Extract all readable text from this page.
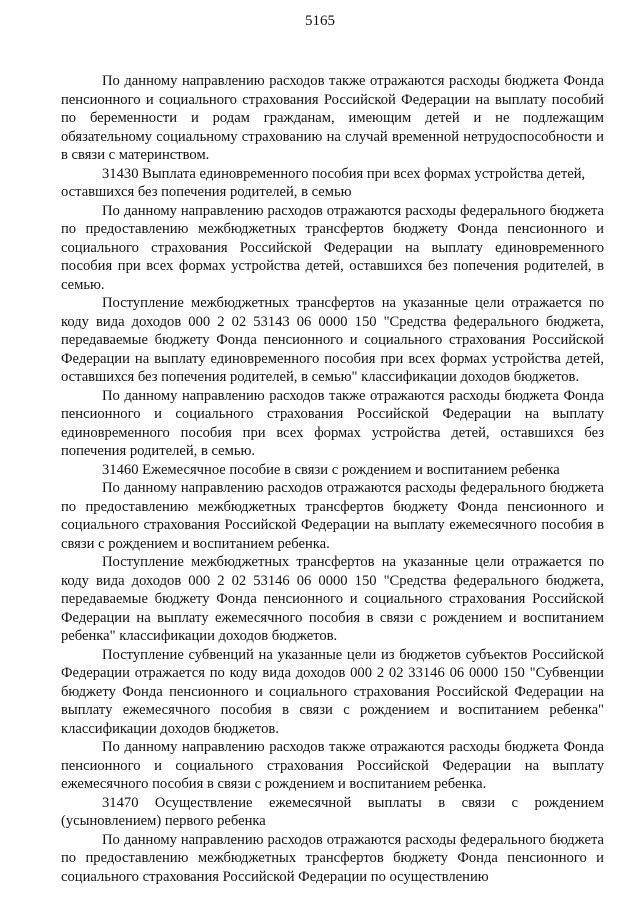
5165

По данному направлению расходов также отражаются расходы бюджета Фонда пенсионного и социального страхования Российской Федерации на выплату пособий по беременности и родам гражданам, имеющим детей и не подлежащим обязательному социальному страхованию на случай временной нетрудоспособности и в связи с материнством.

31430 Выплата единовременного пособия при всех формах устройства детей, оставшихся без попечения родителей, в семью

По данному направлению расходов отражаются расходы федерального бюджета по предоставлению межбюджетных трансфертов бюджету Фонда пенсионного и социального страхования Российской Федерации на выплату единовременного пособия при всех формах устройства детей, оставшихся без попечения родителей, в семью.

Поступление межбюджетных трансфертов на указанные цели отражается по коду вида доходов 000 2 02 53143 06 0000 150 "Средства федерального бюджета, передаваемые бюджету Фонда пенсионного и социального страхования Российской Федерации на выплату единовременного пособия при всех формах устройства детей, оставшихся без попечения родителей, в семью" классификации доходов бюджетов.

По данному направлению расходов также отражаются расходы бюджета Фонда пенсионного и социального страхования Российской Федерации на выплату единовременного пособия при всех формах устройства детей, оставшихся без попечения родителей, в семью.

31460 Ежемесячное пособие в связи с рождением и воспитанием ребенка

По данному направлению расходов отражаются расходы федерального бюджета по предоставлению межбюджетных трансфертов бюджету Фонда пенсионного и социального страхования Российской Федерации на выплату ежемесячного пособия в связи с рождением и воспитанием ребенка.

Поступление межбюджетных трансфертов на указанные цели отражается по коду вида доходов 000 2 02 53146 06 0000 150 "Средства федерального бюджета, передаваемые бюджету Фонда пенсионного и социального страхования Российской Федерации на выплату ежемесячного пособия в связи с рождением и воспитанием ребенка" классификации доходов бюджетов.

Поступление субвенций на указанные цели из бюджетов субъектов Российской Федерации отражается по коду вида доходов 000 2 02 33146 06 0000 150 "Субвенции бюджету Фонда пенсионного и социального страхования Российской Федерации на выплату ежемесячного пособия в связи с рождением и воспитанием ребенка" классификации доходов бюджетов.

По данному направлению расходов также отражаются расходы бюджета Фонда пенсионного и социального страхования Российской Федерации на выплату ежемесячного пособия в связи с рождением и воспитанием ребенка.

31470 Осуществление ежемесячной выплаты в связи с рождением (усыновлением) первого ребенка

По данному направлению расходов отражаются расходы федерального бюджета по предоставлению межбюджетных трансфертов бюджету Фонда пенсионного и социального страхования Российской Федерации по осуществлению
